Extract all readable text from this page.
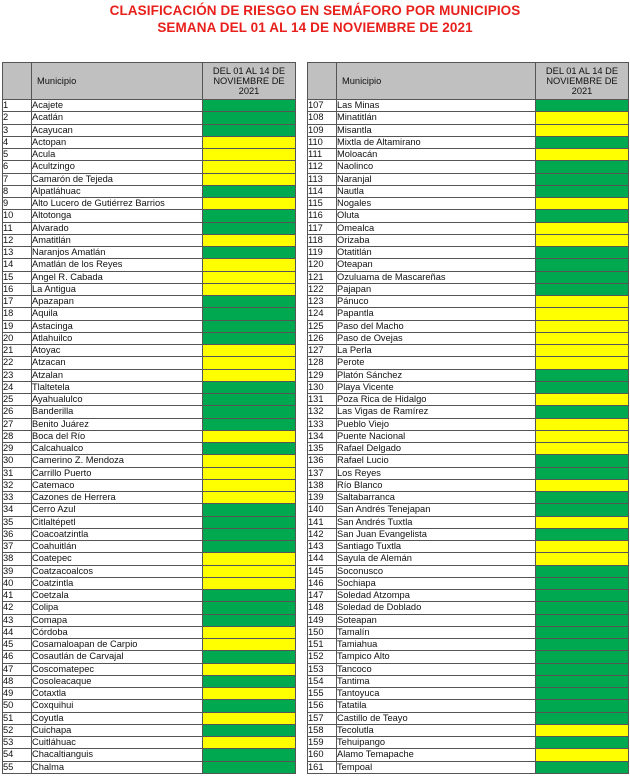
CLASIFICACIÓN DE RIESGO EN SEMÁFORO POR MUNICIPIOS
SEMANA DEL 01 AL 14 DE NOVIEMBRE DE 2021
	Municipio	DEL 01 AL 14 DE
NOVIEMBRE DE
2021

1	Acajete	
2	Acatlán	
3	Acayucan	
4	Actopan	
5	Acula	
6	Acultzingo	
7	Camarón de Tejeda	
8	Alpatláhuac	
9	Alto Lucero de Gutiérrez Barrios	
10	Altotonga	
11	Alvarado	
12	Amatitlán	
13	Naranjos Amatlán	
14	Amatlán de los Reyes	
15	Angel R. Cabada	
16	La Antigua	
17	Apazapan	
18	Aquila	
19	Astacinga	
20	Atlahuilco	
21	Atoyac	
22	Atzacan	
23	Atzalan	
24	Tlaltetela	
25	Ayahualulco	
26	Banderilla	
27	Benito Juárez	
28	Boca del Río	
29	Calcahualco	
30	Camerino Z. Mendoza	
31	Carrillo Puerto	
32	Catemaco	
33	Cazones de Herrera	
34	Cerro Azul	
35	Citlaltépetl	
36	Coacoatzintla	
37	Coahuitlán	
38	Coatepec	
39	Coatzacoalcos	
40	Coatzintla	
41	Coetzala	
42	Colipa	
43	Comapa	
44	Córdoba	
45	Cosamaloapan de Carpio	
46	Cosautlán de Carvajal	
47	Coscomatepec	
48	Cosoleacaque	
49	Cotaxtla	
50	Coxquihui	
51	Coyutla	
52	Cuichapa	
53	Cuitláhuac	
54	Chacaltianguis	
55	Chalma	
	Municipio	DEL 01 AL 14 DE
NOVIEMBRE DE
2021

107	Las Minas	
108	Minatitlán	
109	Misantla	
110	Mixtla de Altamirano	
111	Moloacán	
112	Naolinco	
113	Naranjal	
114	Nautla	
115	Nogales	
116	Oluta	
117	Omealca	
118	Orizaba	
119	Otatitlán	
120	Oteapan	
121	Ozuluama de Mascareñas	
122	Pajapan	
123	Pánuco	
124	Papantla	
125	Paso del Macho	
126	Paso de Ovejas	
127	La Perla	
128	Perote	
129	Platón Sánchez	
130	Playa Vicente	
131	Poza Rica de Hidalgo	
132	Las Vigas de Ramírez	
133	Pueblo Viejo	
134	Puente Nacional	
135	Rafael Delgado	
136	Rafael Lucio	
137	Los Reyes	
138	Río Blanco	
139	Saltabarranca	
140	San Andrés Tenejapan	
141	San Andrés Tuxtla	
142	San Juan Evangelista	
143	Santiago Tuxtla	
144	Sayula de Alemán	
145	Soconusco	
146	Sochiapa	
147	Soledad Atzompa	
148	Soledad de Doblado	
149	Soteapan	
150	Tamalín	
151	Tamiahua	
152	Tampico Alto	
153	Tancoco	
154	Tantima	
155	Tantoyuca	
156	Tatatila	
157	Castillo de Teayo	
158	Tecolutla	
159	Tehuipango	
160	Alamo Temapache	
161	Tempoal	
